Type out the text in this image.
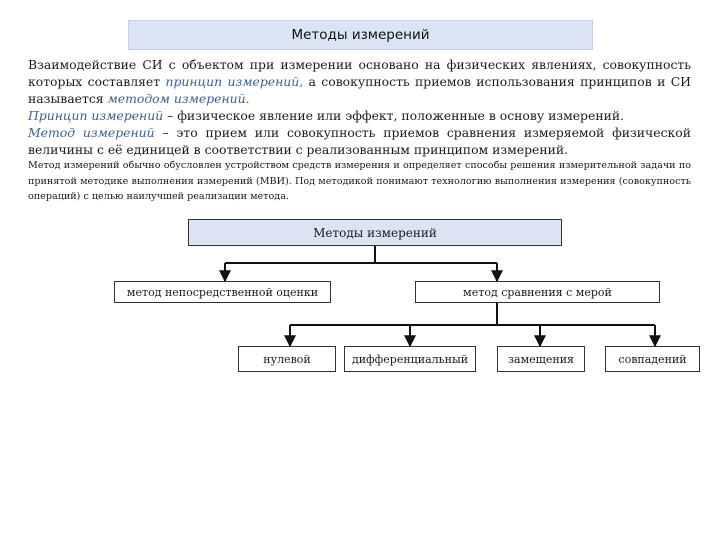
Методы измерений

Взаимодействие СИ с объектом при измерении основано на физических явлениях, совокупность которых составляет принцип измерений, а совокупность приемов использования принципов и СИ называется методом измерений.

Принцип измерений – физическое явление или эффект, положенные в основу измерений.

Метод измерений – это прием или совокупность приемов сравнения измеряемой физической величины с её единицей в соответствии с реализованным принципом измерений.

Метод измерений обычно обусловлен устройством средств измерения и определяет способы решения измерительной задачи по принятой методике выполнения измерений (МВИ). Под методикой понимают технологию выполнения измерения (совокупность операций) с целью наилучшей реализации метода.

Методы измерений
метод непосредственной оценки	метод сравнения с мерой
нулевой	дифференциальный	замещения	совпадений
